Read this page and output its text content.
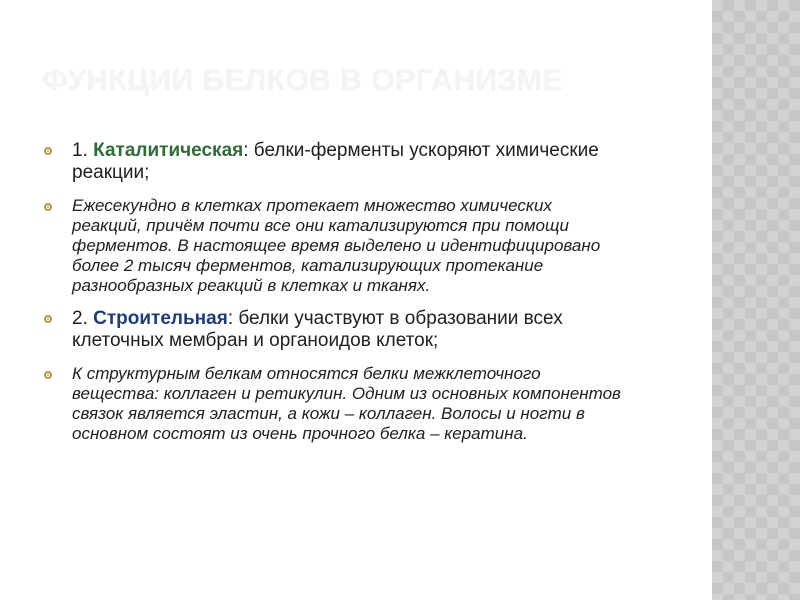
ФУНКЦИИ БЕЛКОВ В ОРГАНИЗМЕ
1. Каталитическая: белки-ферменты ускоряют химические реакции;
Ежесекундно в клетках протекает множество химических реакций, причём почти все они катализируются при помощи ферментов. В настоящее время выделено и идентифицировано более 2 тысяч ферментов, катализирующих протекание разнообразных реакций в клетках и тканях.
2. Строительная: белки участвуют в образовании всех клеточных мембран и органоидов клеток;
К структурным белкам относятся белки межклеточного вещества: коллаген и ретикулин. Одним из основных компонентов связок является эластин, а кожи – коллаген. Волосы и ногти в основном состоят из очень прочного белка – кератина.
